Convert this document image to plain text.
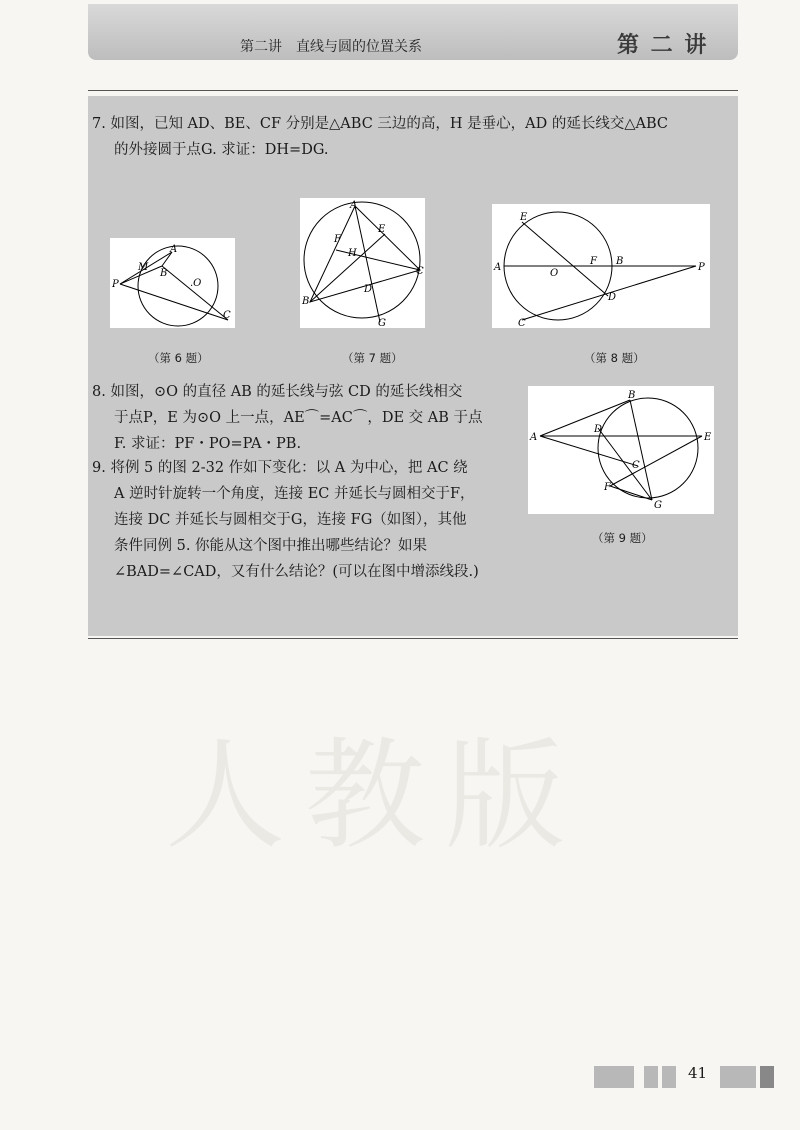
第二讲　直线与圆的位置关系	第 二 讲
7. 如图，已知 AD、BE、CF 分别是△ABC 三边的高，H 是垂心，AD 的延长线交△ABC
的外接圆于点G. 求证：DH=DG.
P
M
A
B
.O
C
（第 6 题）
A
F
E
H
B
C
D
G
（第 7 题）
E
A
O
F B
P
D
C
（第 8 题）
8. 如图，⊙O 的直径 AB 的延长线与弦 CD 的延长线相交
于点P，E 为⊙O 上一点，AE⌒=AC⌒，DE 交 AB 于点
F. 求证：PF・PO=PA・PB.
B
A
D
E
C
F
G
（第 9 题）
9. 将例 5 的图 2-32 作如下变化：以 A 为中心，把 AC 绕
A 逆时针旋转一个角度，连接 EC 并延长与圆相交于F，
连接 DC 并延长与圆相交于G，连接 FG（如图），其他
条件同例 5. 你能从这个图中推出哪些结论？如果
∠BAD=∠CAD，又有什么结论？(可以在图中增添线段.)
人教版
41
